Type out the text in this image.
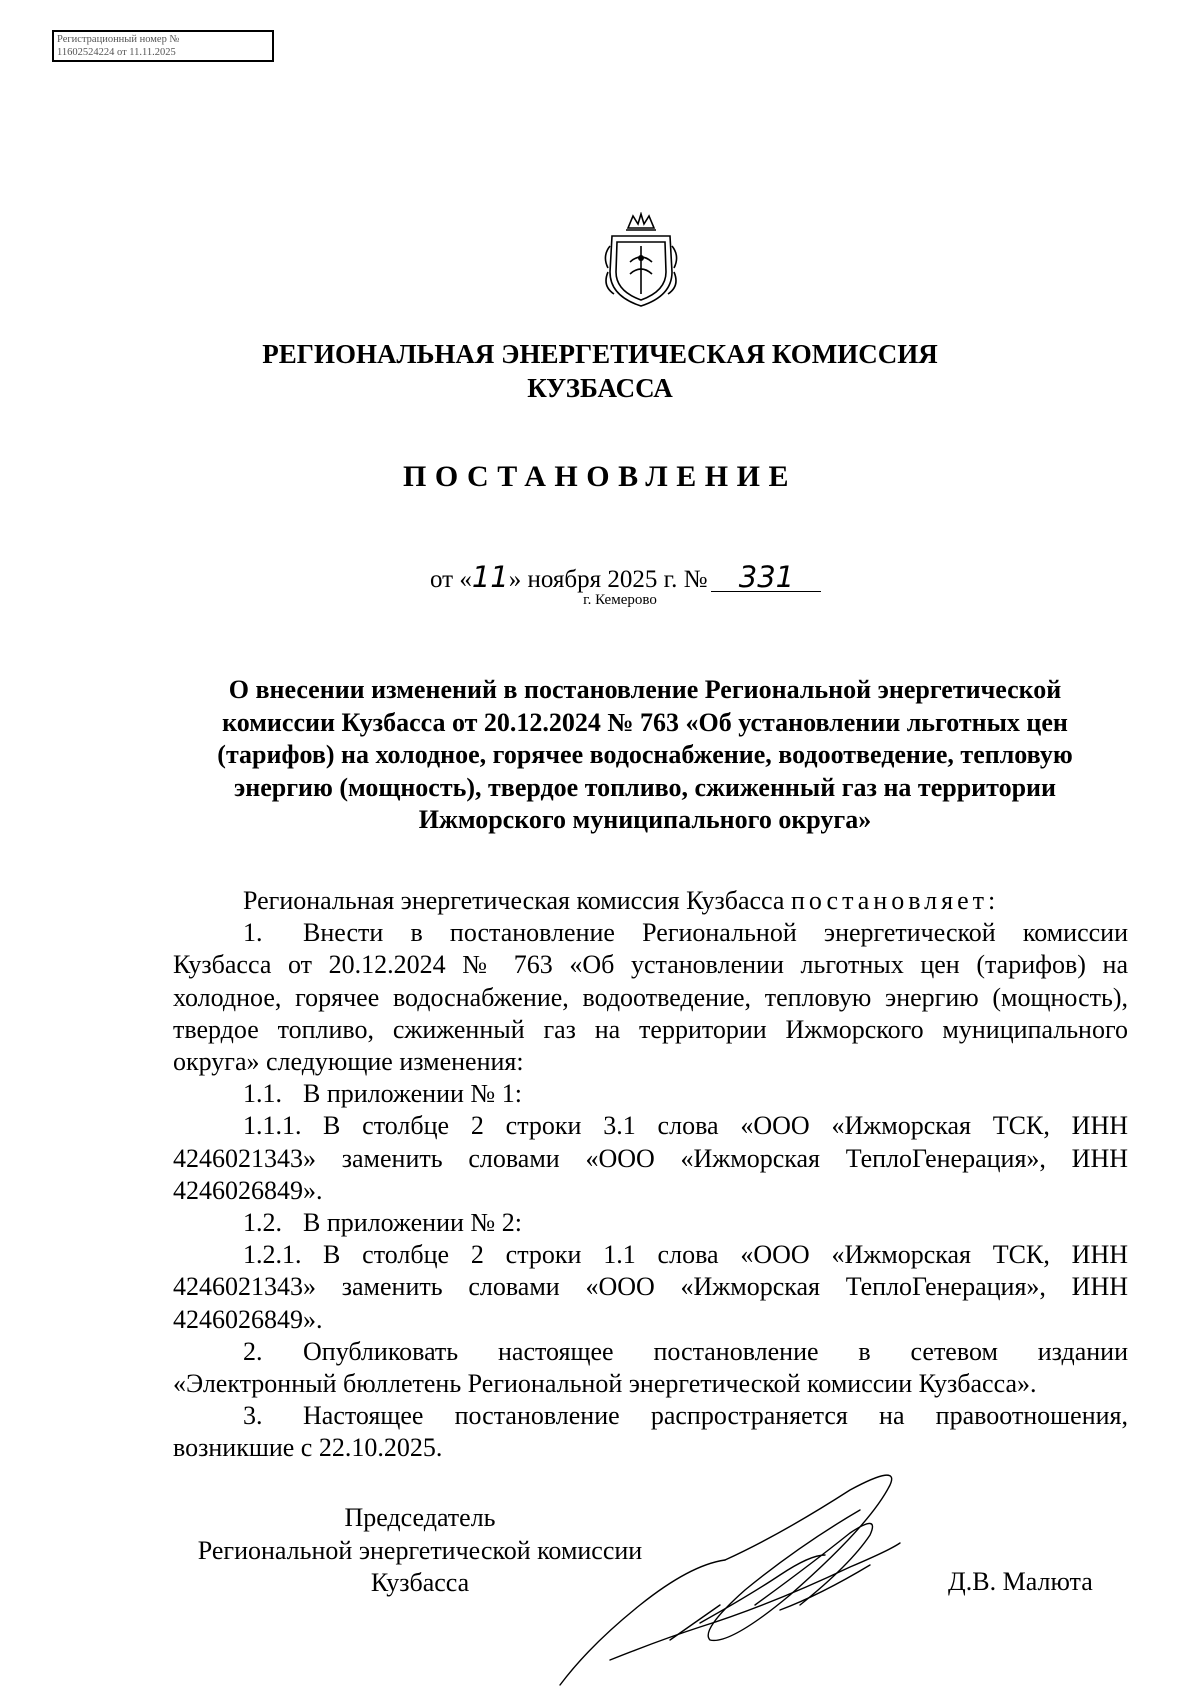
Регистрационный номер №
11602524224 от 11.11.2025
РЕГИОНАЛЬНАЯ ЭНЕРГЕТИЧЕСКАЯ КОМИССИЯ
КУЗБАССА
ПОСТАНОВЛЕНИЕ
от «11» ноября 2025 г. № 331
г. Кемерово
О внесении изменений в постановление Региональной энергетической
комиссии Кузбасса от 20.12.2024 № 763 «Об установлении льготных цен
(тарифов) на холодное, горячее водоснабжение, водоотведение, тепловую
энергию (мощность), твердое топливо, сжиженный газ на территории
Ижморского муниципального округа»

Региональная энергетическая комиссия Кузбасса постановляет:

1. Внести в постановление Региональной энергетической комиссии Кузбасса от 20.12.2024 № 763 «Об установлении льготных цен (тарифов) на холодное, горячее водоснабжение, водоотведение, тепловую энергию (мощность), твердое топливо, сжиженный газ на территории Ижморского муниципального округа» следующие изменения:

1.1. В приложении № 1:

1.1.1. В столбце 2 строки 3.1 слова «ООО «Ижморская ТСК, ИНН 4246021343» заменить словами «ООО «Ижморская ТеплоГенерация», ИНН 4246026849».

1.2. В приложении № 2:

1.2.1. В столбце 2 строки 1.1 слова «ООО «Ижморская ТСК, ИНН 4246021343» заменить словами «ООО «Ижморская ТеплоГенерация», ИНН 4246026849».

2. Опубликовать настоящее постановление в сетевом издании «Электронный бюллетень Региональной энергетической комиссии Кузбасса».

3. Настоящее постановление распространяется на правоотношения, возникшие с 22.10.2025.

Председатель
Региональной энергетической комиссии
Кузбасса	Д.В. Малюта
